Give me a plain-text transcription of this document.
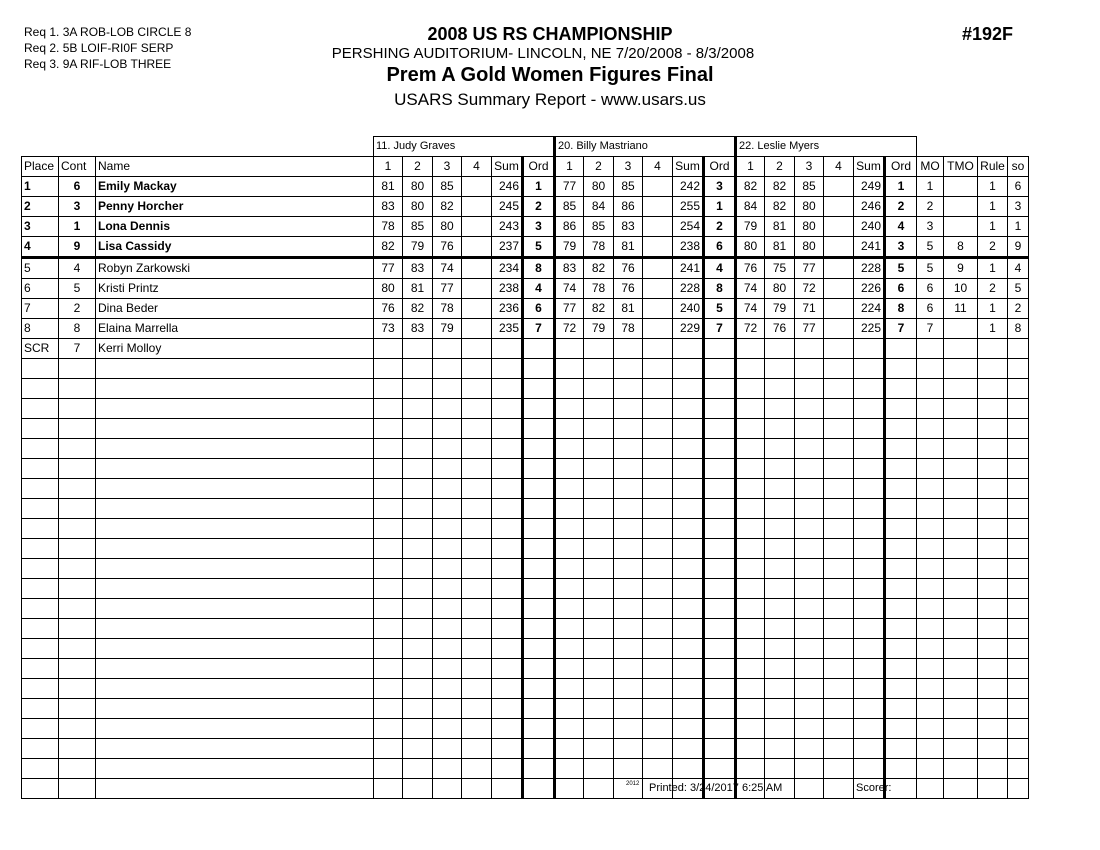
Req 1. 3A ROB-LOB CIRCLE 8
Req 2. 5B LOIF-RI0F SERP
Req 3. 9A RIF-LOB THREE
2008 US RS CHAMPIONSHIP
PERSHING AUDITORIUM- LINCOLN, NE 7/20/2008 - 8/3/2008
Prem A Gold Women Figures Final
USARS Summary Report - www.usars.us
#192F
			11. Judy Graves						20. Billy Mastriano						22. Leslie Myers									
Place	Cont	Name	1	2	3	4	Sum	Ord	1	2	3	4	Sum	Ord	1	2	3	4	Sum	Ord	MO	TMO	Rule	so
1	6	Emily Mackay	81	80	85		246	1	77	80	85		242	3	82	82	85		249	1	1		1	6
2	3	Penny Horcher	83	80	82		245	2	85	84	86		255	1	84	82	80		246	2	2		1	3
3	1	Lona Dennis	78	85	80		243	3	86	85	83		254	2	79	81	80		240	4	3		1	1
4	9	Lisa Cassidy	82	79	76		237	5	79	78	81		238	6	80	81	80		241	3	5	8	2	9
5	4	Robyn Zarkowski	77	83	74		234	8	83	82	76		241	4	76	75	77		228	5	5	9	1	4
6	5	Kristi Printz	80	81	77		238	4	74	78	76		228	8	74	80	72		226	6	6	10	2	5
7	2	Dina Beder	76	82	78		236	6	77	82	81		240	5	74	79	71		224	8	6	11	1	2
8	8	Elaina Marrella	73	83	79		235	7	72	79	78		229	7	72	76	77		225	7	7		1	8
SCR	7	Kerri Molloy																						

2012 Printed: 3/24/2017 6:25 AM	Scorer:
